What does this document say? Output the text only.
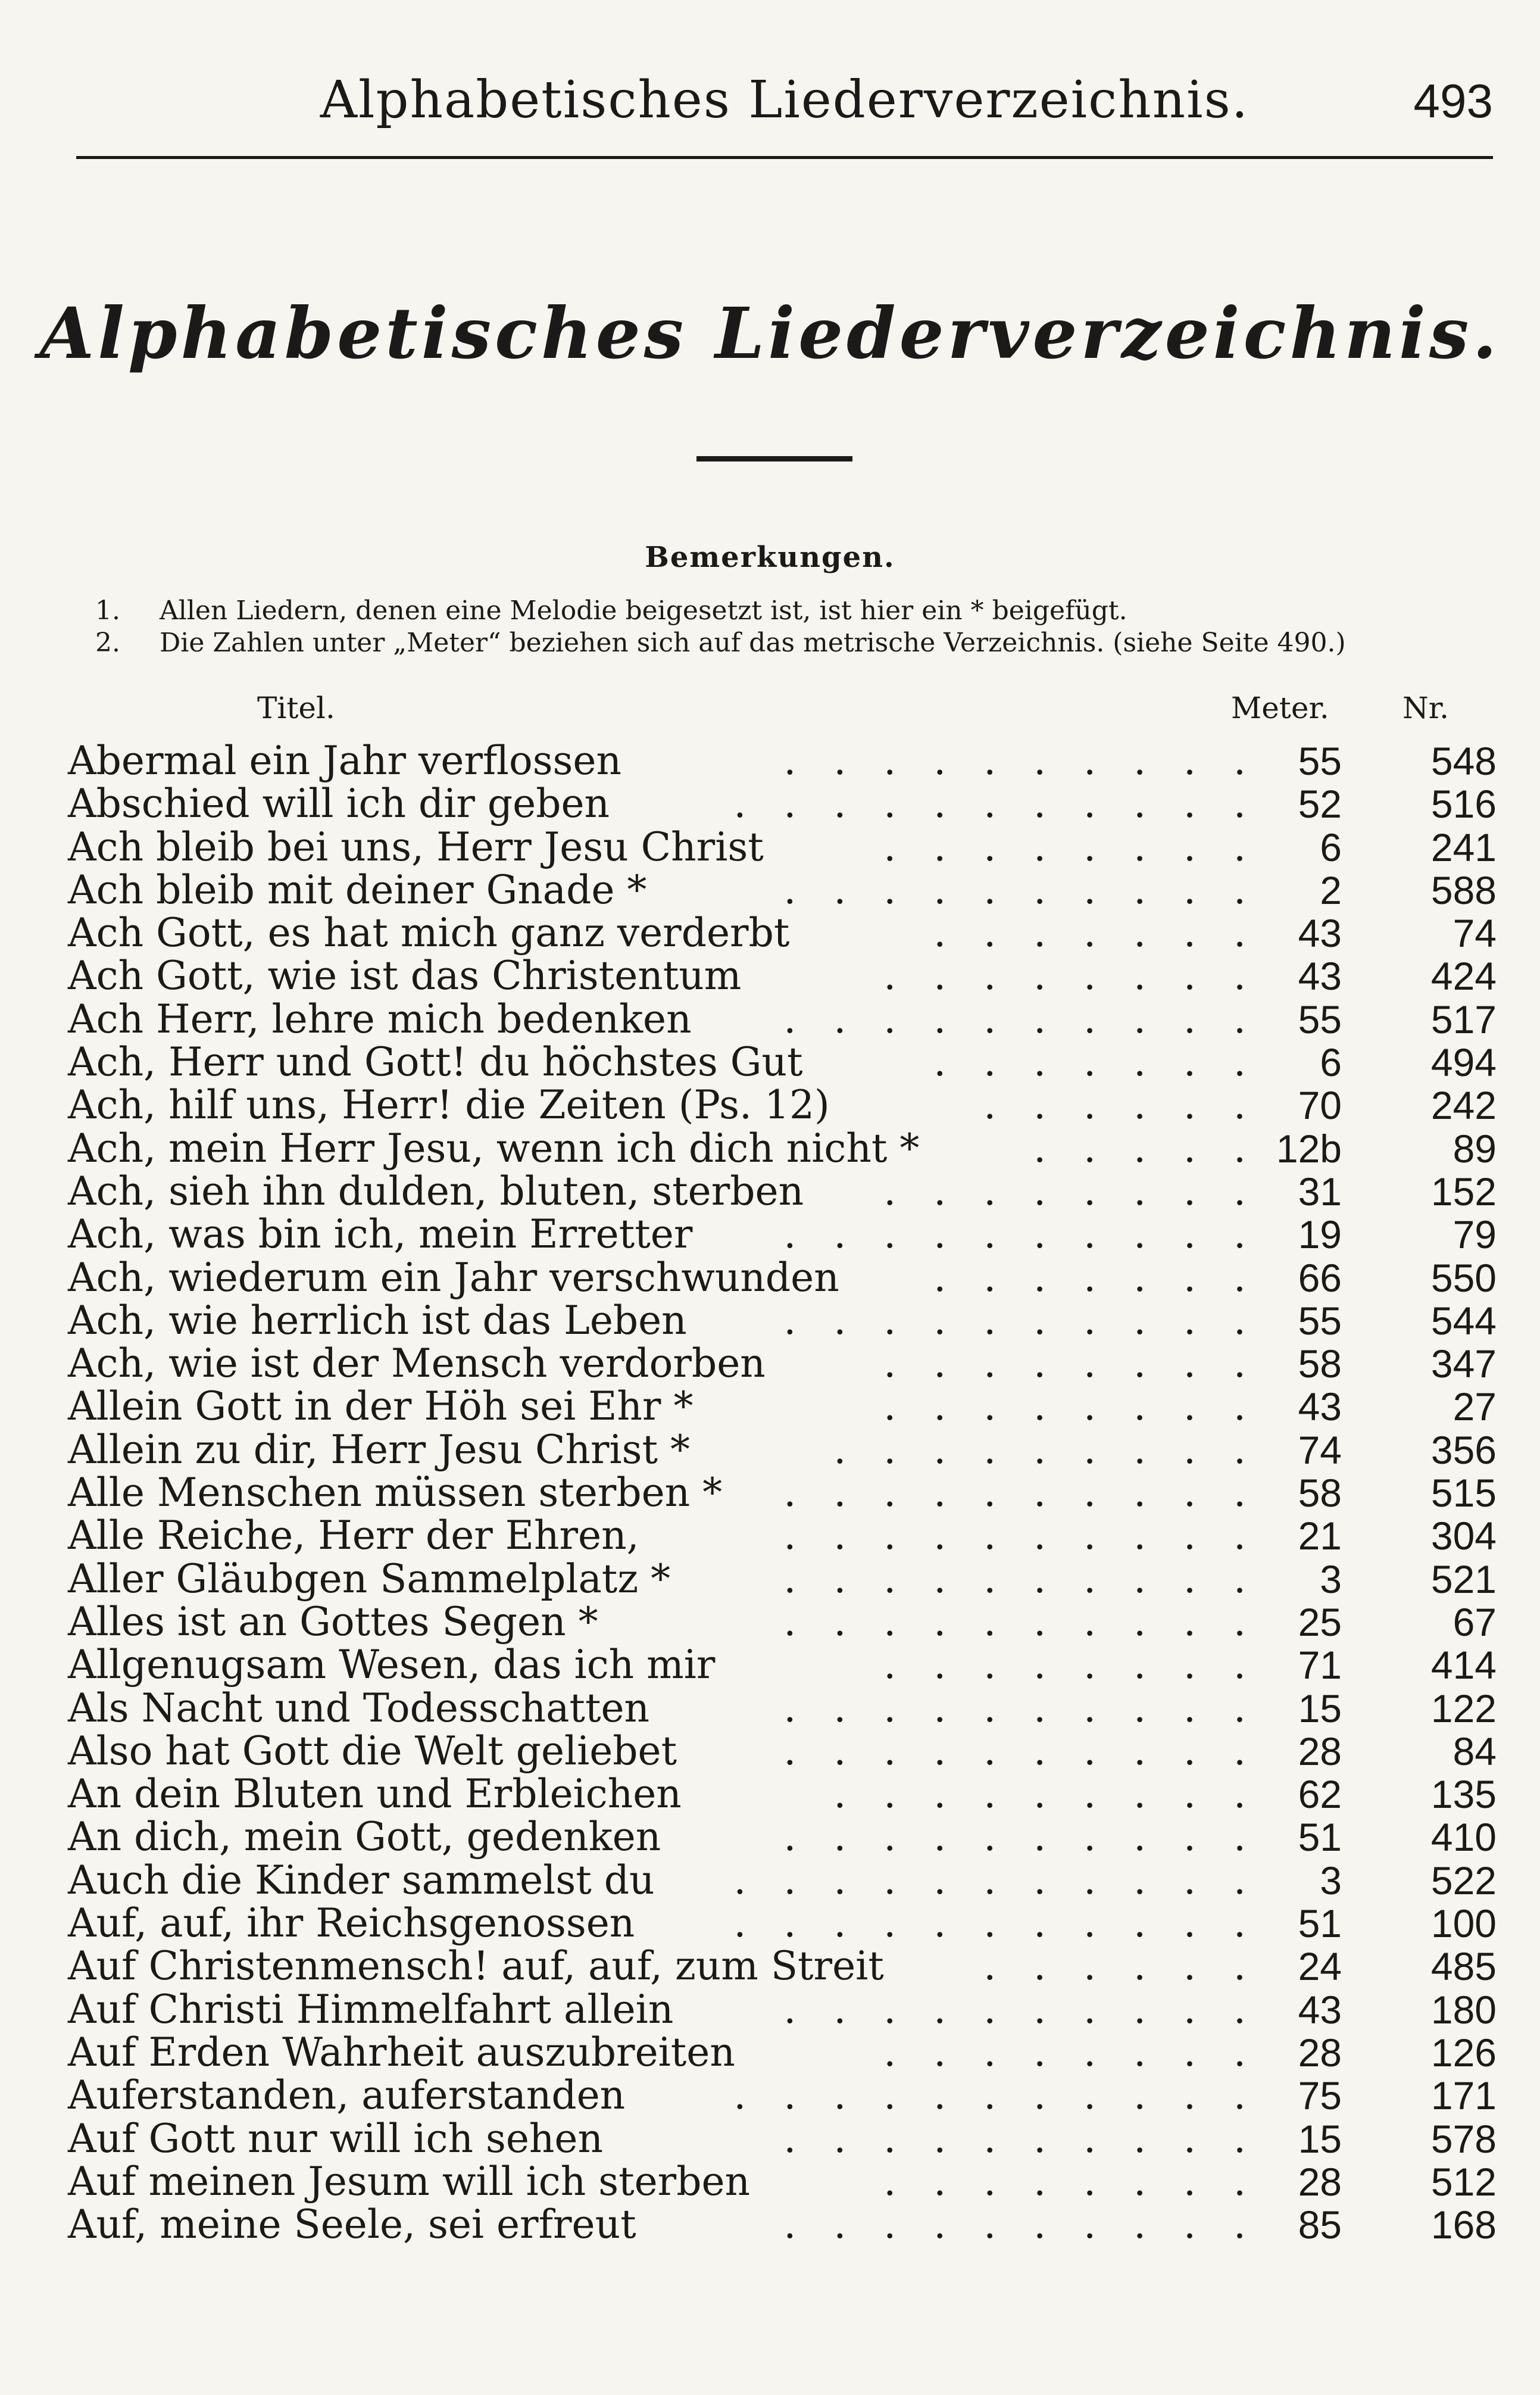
Alphabetisches Liederverzeichnis.	493
Alphabetisches Liederverzeichnis.
Bemerkungen.
1. Allen Liedern, denen eine Melodie beigesetzt ist, ist hier ein * beigefügt.
2. Die Zahlen unter „Meter“ beziehen sich auf das metrische Verzeichnis. (siehe Seite 490.)
Titel.	Meter. Nr.
Abermal ein Jahr verflossen	. . . . . . . . . . 55 548
Abschied will ich dir geben	. . . . . . . . . . . 52 516
Ach bleib bei uns, Herr Jesu Christ	. . . . . . . . 6 241
Ach bleib mit deiner Gnade *	. . . . . . . . . . 2 588
Ach Gott, es hat mich ganz verderbt	. . . . . . . 43	74
Ach Gott, wie ist das Christentum	. . . . . . . . 43 424
Ach Herr, lehre mich bedenken . . . . . . . . . . 55 517
Ach, Herr und Gott! du höchstes Gut	. . . . . . . 6 494
Ach, hilf uns, Herr! die Zeiten (Ps. 12)	. . . . . . 70 242
Ach, mein Herr Jesu, wenn ich dich nicht *	. . . . . 12b	89
Ach, sieh ihn dulden, bluten, sterben . . . . . . . . 31 152
Ach, was bin ich, mein Erretter . . . . . . . . . . 19	79
Ach, wiederum ein Jahr verschwunden . . . . . . . 66 550
Ach, wie herrlich ist das Leben . . . . . . . . . . 55 544
Ach, wie ist der Mensch verdorben	. . . . . . . . 58 347
Allein Gott in der Höh sei Ehr *	. . . . . . . . 43	27
Allein zu dir, Herr Jesu Christ *	. . . . . . . . . 74 356
Alle Menschen müssen sterben * . . . . . . . . . . 58 515
Alle Reiche, Herr der Ehren,	. . . . . . . . . . 21 304
Aller Gläubgen Sammelplatz *	. . . . . . . . . . 3 521
Alles ist an Gottes Segen *	. . . . . . . . . . 25	67
Allgenugsam Wesen, das ich mir	. . . . . . . . 71 414
Als Nacht und Todesschatten	. . . . . . . . . . 15 122
Also hat Gott die Welt geliebet	. . . . . . . . . . 28	84
An dein Bluten und Erbleichen	. . . . . . . . . 62 135
An dich, mein Gott, gedenken	. . . . . . . . . . 51 410
Auch die Kinder sammelst du . . . . . . . . . . . 3 522
Auf, auf, ihr Reichsgenossen	. . . . . . . . . . . 51 100
Auf Christenmensch! auf, auf, zum Streit	. . . . . . 24 485
Auf Christi Himmelfahrt allein	. . . . . . . . . . 43 180
Auf Erden Wahrheit auszubreiten	. . . . . . . . 28 126
Auferstanden, auferstanden	. . . . . . . . . . . 75 171
Auf Gott nur will ich sehen	. . . . . . . . . . 15 578
Auf meinen Jesum will ich sterben	. . . . . . . . 28 512
Auf, meine Seele, sei erfreut	. . . . . . . . . . 85 168
